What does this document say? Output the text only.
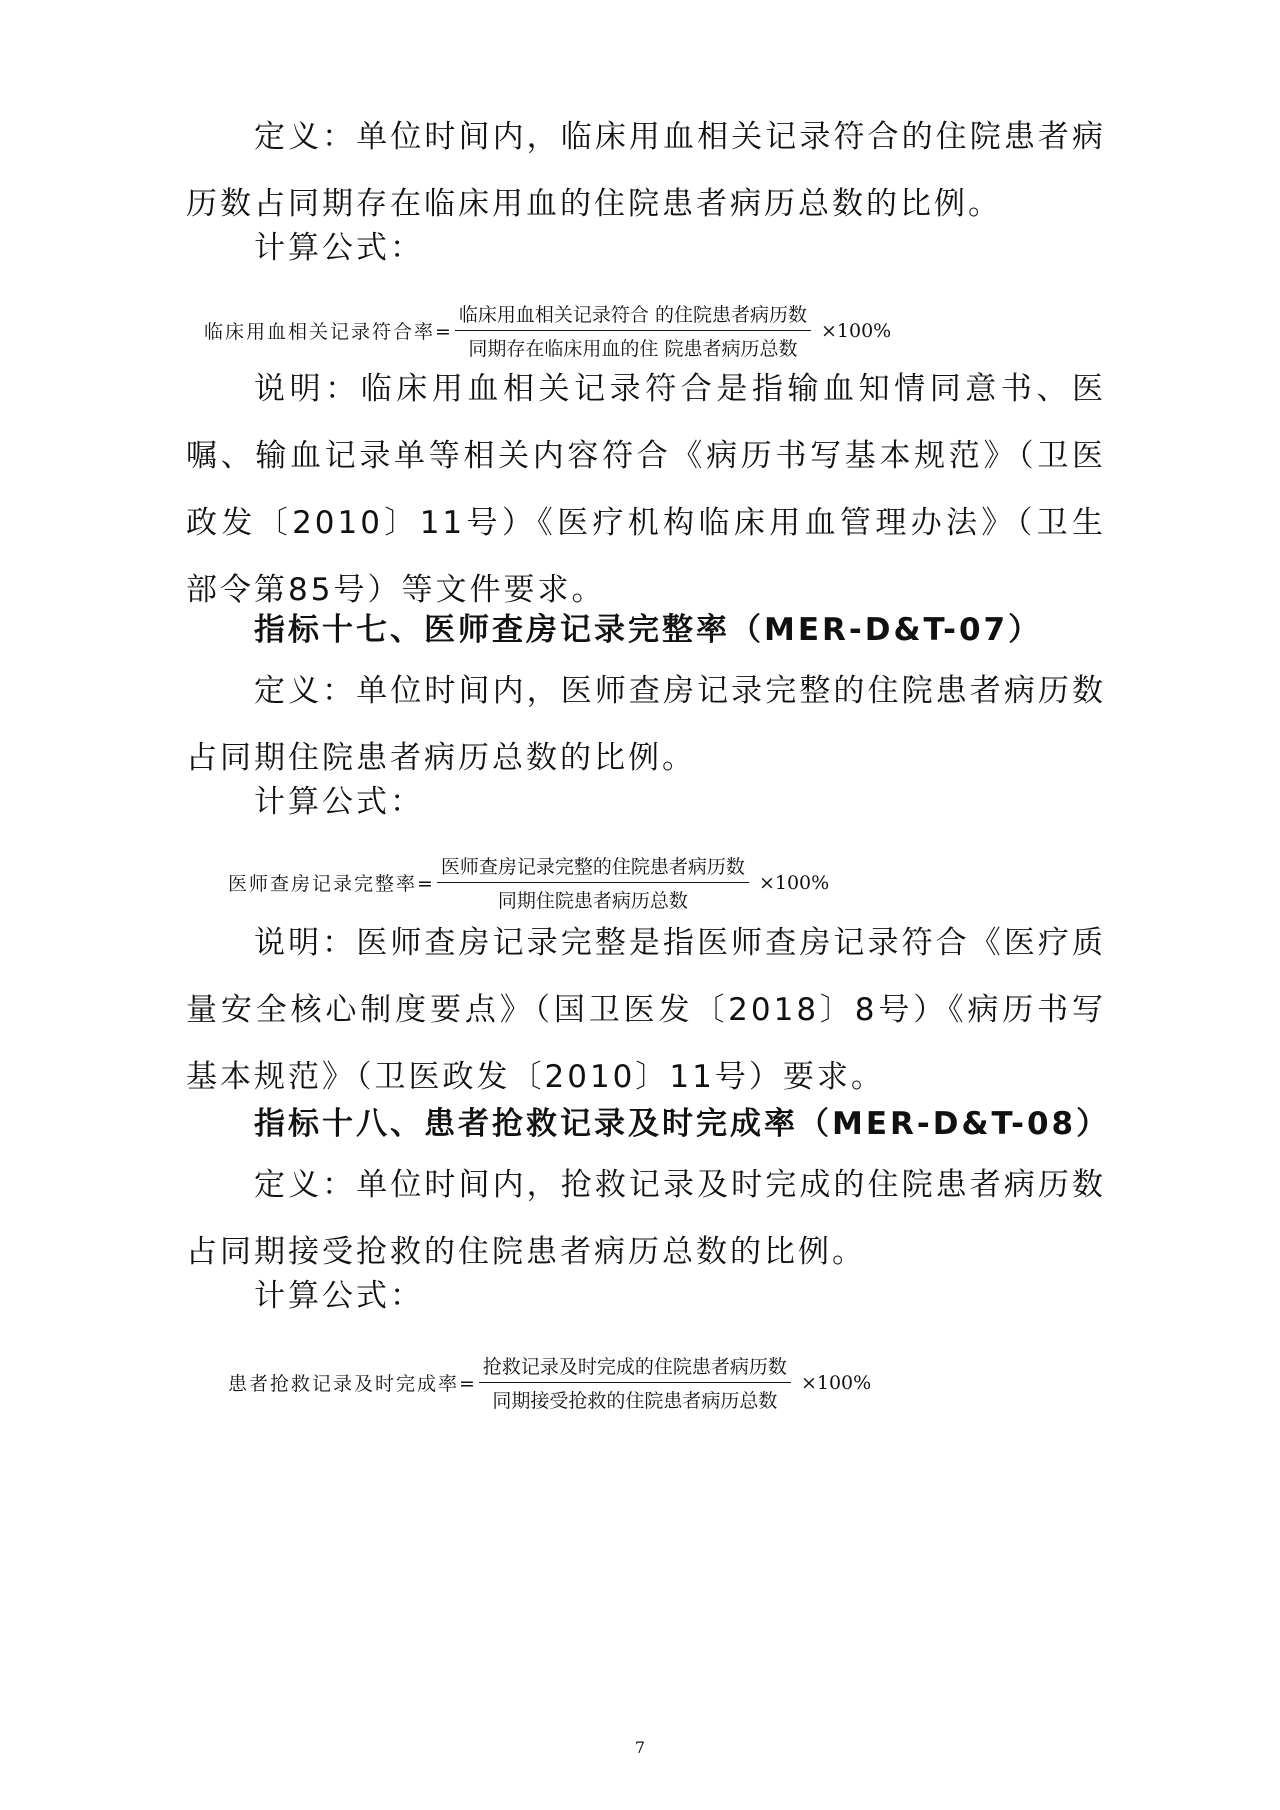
定义：单位时间内，临床用血相关记录符合的住院患者病历数占同期存在临床用血的住院患者病历总数的比例。

计算公式：

临床用血相关记录符合率= $\frac{\text{临床用血相关记录符合 的住院患者病历数}}{\text{同期存在临床用血的住 院患者病历总数}} \times 100\%$

说明：临床用血相关记录符合是指输血知情同意书、医嘱、输血记录单等相关内容符合《病历书写基本规范》（卫医政发〔2010〕11号）《医疗机构临床用血管理办法》（卫生部令第85号）等文件要求。

指标十七、医师查房记录完整率（MER-D&T-07）

定义：单位时间内，医师查房记录完整的住院患者病历数占同期住院患者病历总数的比例。

计算公式：

医师查房记录完整率= $\frac{\text{医师查房记录完整的住院患者病历数}}{\text{同期住院患者病历总数}} \times 100\%$

说明：医师查房记录完整是指医师查房记录符合《医疗质量安全核心制度要点》（国卫医发〔2018〕8号）《病历书写基本规范》（卫医政发〔2010〕11号）要求。

指标十八、患者抢救记录及时完成率（MER-D&T-08）

定义：单位时间内，抢救记录及时完成的住院患者病历数占同期接受抢救的住院患者病历总数的比例。

计算公式：

患者抢救记录及时完成率= $\frac{\text{抢救记录及时完成的住院患者病历数}}{\text{同期接受抢救的住院患者病历总数}} \times 100\%$
7
